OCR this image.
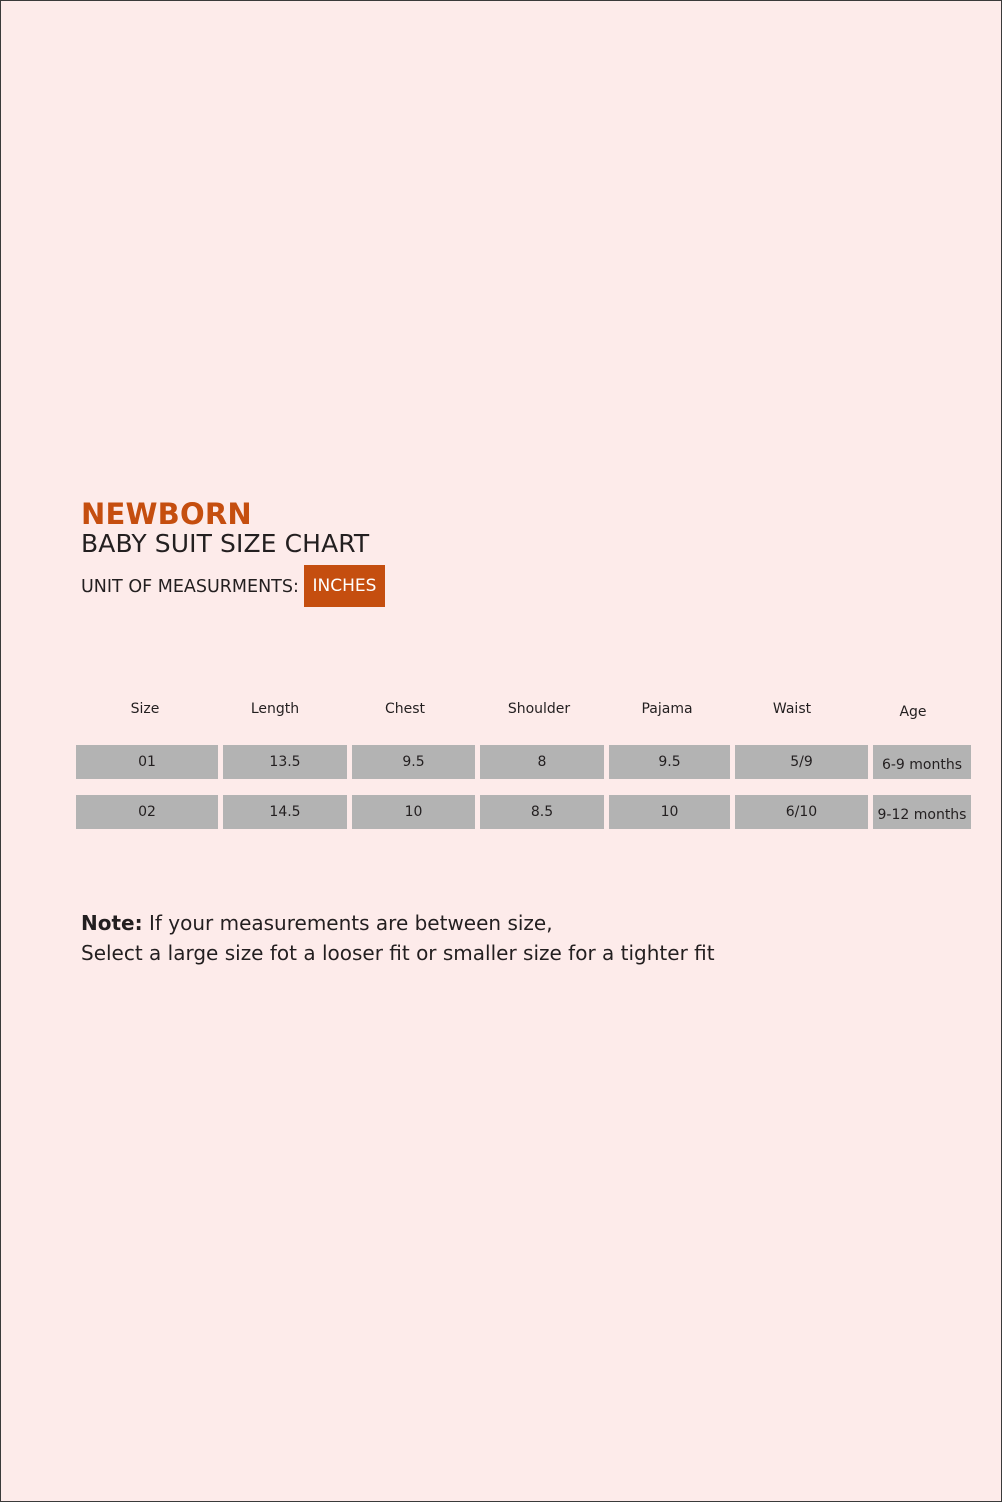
NEWBORN
BABY SUIT SIZE CHART
UNIT OF MEASURMENTS: INCHES
Size	Length	Chest	Shoulder	Pajama	Waist	Age
01	13.5	9.5	8	9.5	5/9	6-9 months
02	14.5	10	8.5	10	6/10	9-12 months
Note: If your measurements are between size,
Select a large size fot a looser fit or smaller size for a tighter fit
